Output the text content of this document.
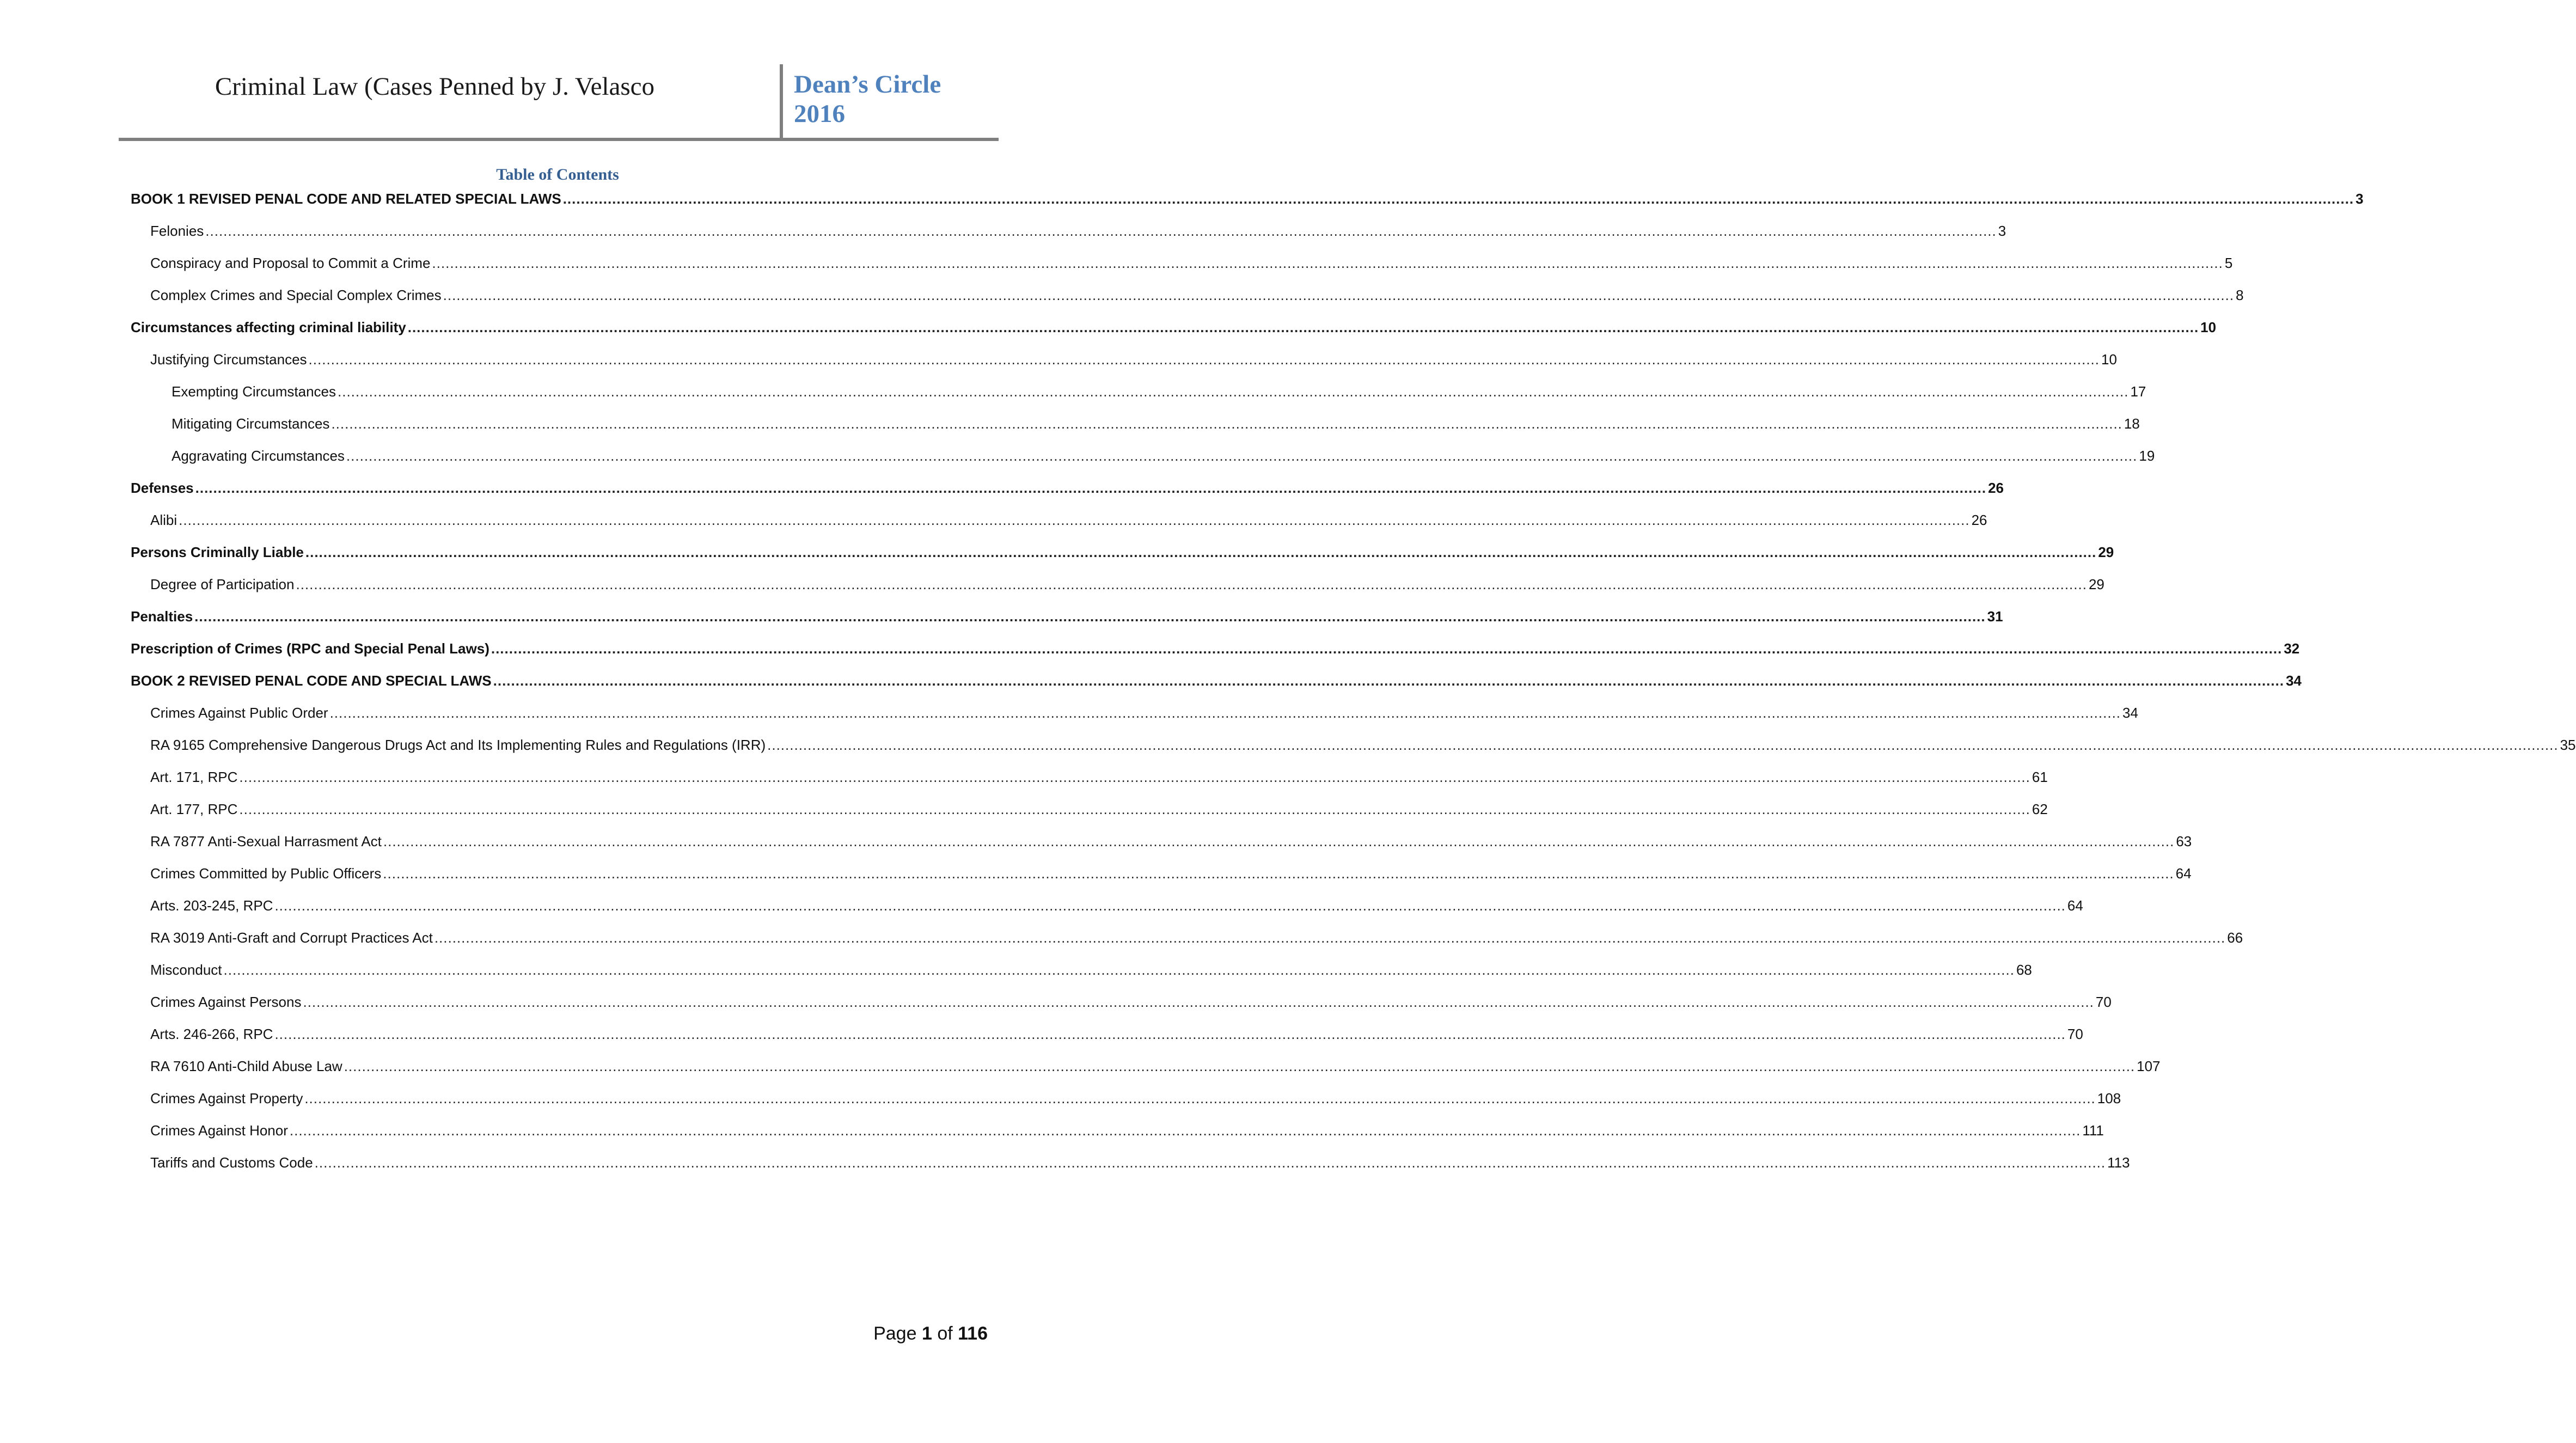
Criminal Law (Cases Penned by J. Velasco	Dean’s Circle
2016
Table of Contents
BOOK 1 REVISED PENAL CODE AND RELATED SPECIAL LAWS ................................................................................................................................................................................................................................................................................................................................................................................................................ 3
Felonies ................................................................................................................................................................................................................................................................................................................................................................................................................ 3
Conspiracy and Proposal to Commit a Crime ................................................................................................................................................................................................................................................................................................................................................................................................................ 5
Complex Crimes and Special Complex Crimes ................................................................................................................................................................................................................................................................................................................................................................................................................ 8
Circumstances affecting criminal liability ................................................................................................................................................................................................................................................................................................................................................................................................................ 10
Justifying Circumstances ................................................................................................................................................................................................................................................................................................................................................................................................................ 10
Exempting Circumstances ................................................................................................................................................................................................................................................................................................................................................................................................................ 17
Mitigating Circumstances ................................................................................................................................................................................................................................................................................................................................................................................................................ 18
Aggravating Circumstances ................................................................................................................................................................................................................................................................................................................................................................................................................ 19
Defenses ................................................................................................................................................................................................................................................................................................................................................................................................................ 26
Alibi ................................................................................................................................................................................................................................................................................................................................................................................................................ 26
Persons Criminally Liable ................................................................................................................................................................................................................................................................................................................................................................................................................ 29
Degree of Participation ................................................................................................................................................................................................................................................................................................................................................................................................................ 29
Penalties ................................................................................................................................................................................................................................................................................................................................................................................................................ 31
Prescription of Crimes (RPC and Special Penal Laws) ................................................................................................................................................................................................................................................................................................................................................................................................................ 32
BOOK 2 REVISED PENAL CODE AND SPECIAL LAWS ................................................................................................................................................................................................................................................................................................................................................................................................................ 34
Crimes Against Public Order ................................................................................................................................................................................................................................................................................................................................................................................................................ 34
RA 9165 Comprehensive Dangerous Drugs Act and Its Implementing Rules and Regulations (IRR) ................................................................................................................................................................................................................................................................................................................................................................................................................ 35
Art. 171, RPC ................................................................................................................................................................................................................................................................................................................................................................................................................ 61
Art. 177, RPC ................................................................................................................................................................................................................................................................................................................................................................................................................ 62
RA 7877 Anti-Sexual Harrasment Act ................................................................................................................................................................................................................................................................................................................................................................................................................ 63
Crimes Committed by Public Officers ................................................................................................................................................................................................................................................................................................................................................................................................................ 64
Arts. 203-245, RPC ................................................................................................................................................................................................................................................................................................................................................................................................................ 64
RA 3019 Anti-Graft and Corrupt Practices Act ................................................................................................................................................................................................................................................................................................................................................................................................................ 66
Misconduct ................................................................................................................................................................................................................................................................................................................................................................................................................ 68
Crimes Against Persons ................................................................................................................................................................................................................................................................................................................................................................................................................ 70
Arts. 246-266, RPC ................................................................................................................................................................................................................................................................................................................................................................................................................ 70
RA 7610 Anti-Child Abuse Law ................................................................................................................................................................................................................................................................................................................................................................................................................ 107
Crimes Against Property ................................................................................................................................................................................................................................................................................................................................................................................................................ 108
Crimes Against Honor ................................................................................................................................................................................................................................................................................................................................................................................................................ 111
Tariffs and Customs Code ................................................................................................................................................................................................................................................................................................................................................................................................................ 113
Page 1 of 116
